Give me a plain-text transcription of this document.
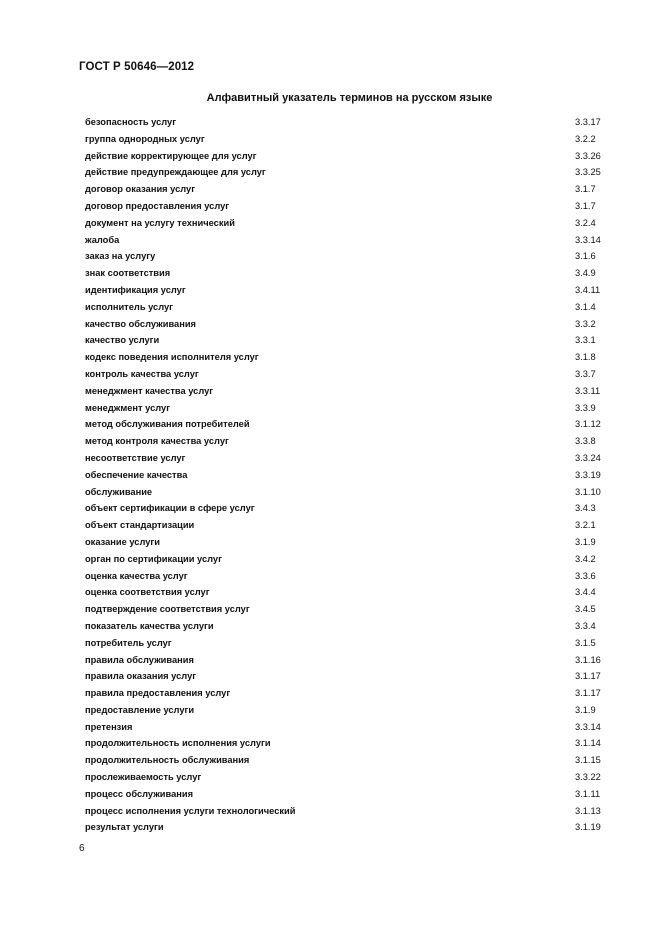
ГОСТ Р 50646—2012
Алфавитный указатель терминов на русском языке
безопасность услуг	3.3.17
группа однородных услуг	3.2.2
действие корректирующее для услуг	3.3.26
действие предупреждающее для услуг	3.3.25
договор оказания услуг	3.1.7
договор предоставления услуг	3.1.7
документ на услугу технический	3.2.4
жалоба	3.3.14
заказ на услугу	3.1.6
знак соответствия	3.4.9
идентификация услуг	3.4.11
исполнитель услуг	3.1.4
качество обслуживания	3.3.2
качество услуги	3.3.1
кодекс поведения исполнителя услуг	3.1.8
контроль качества услуг	3.3.7
менеджмент качества услуг	3.3.11
менеджмент услуг	3.3.9
метод обслуживания потребителей	3.1.12
метод контроля качества услуг	3.3.8
несоответствие услуг	3.3.24
обеспечение качества	3.3.19
обслуживание	3.1.10
объект сертификации в сфере услуг	3.4.3
объект стандартизации	3.2.1
оказание услуги	3.1.9
орган по сертификации услуг	3.4.2
оценка качества услуг	3.3.6
оценка соответствия услуг	3.4.4
подтверждение соответствия услуг	3.4.5
показатель качества услуги	3.3.4
потребитель услуг	3.1.5
правила обслуживания	3.1.16
правила оказания услуг	3.1.17
правила предоставления услуг	3.1.17
предоставление услуги	3.1.9
претензия	3.3.14
продолжительность исполнения услуги	3.1.14
продолжительность обслуживания	3.1.15
прослеживаемость услуг	3.3.22
процесс обслуживания	3.1.11
процесс исполнения услуги технологический	3.1.13
результат услуги	3.1.19
6
